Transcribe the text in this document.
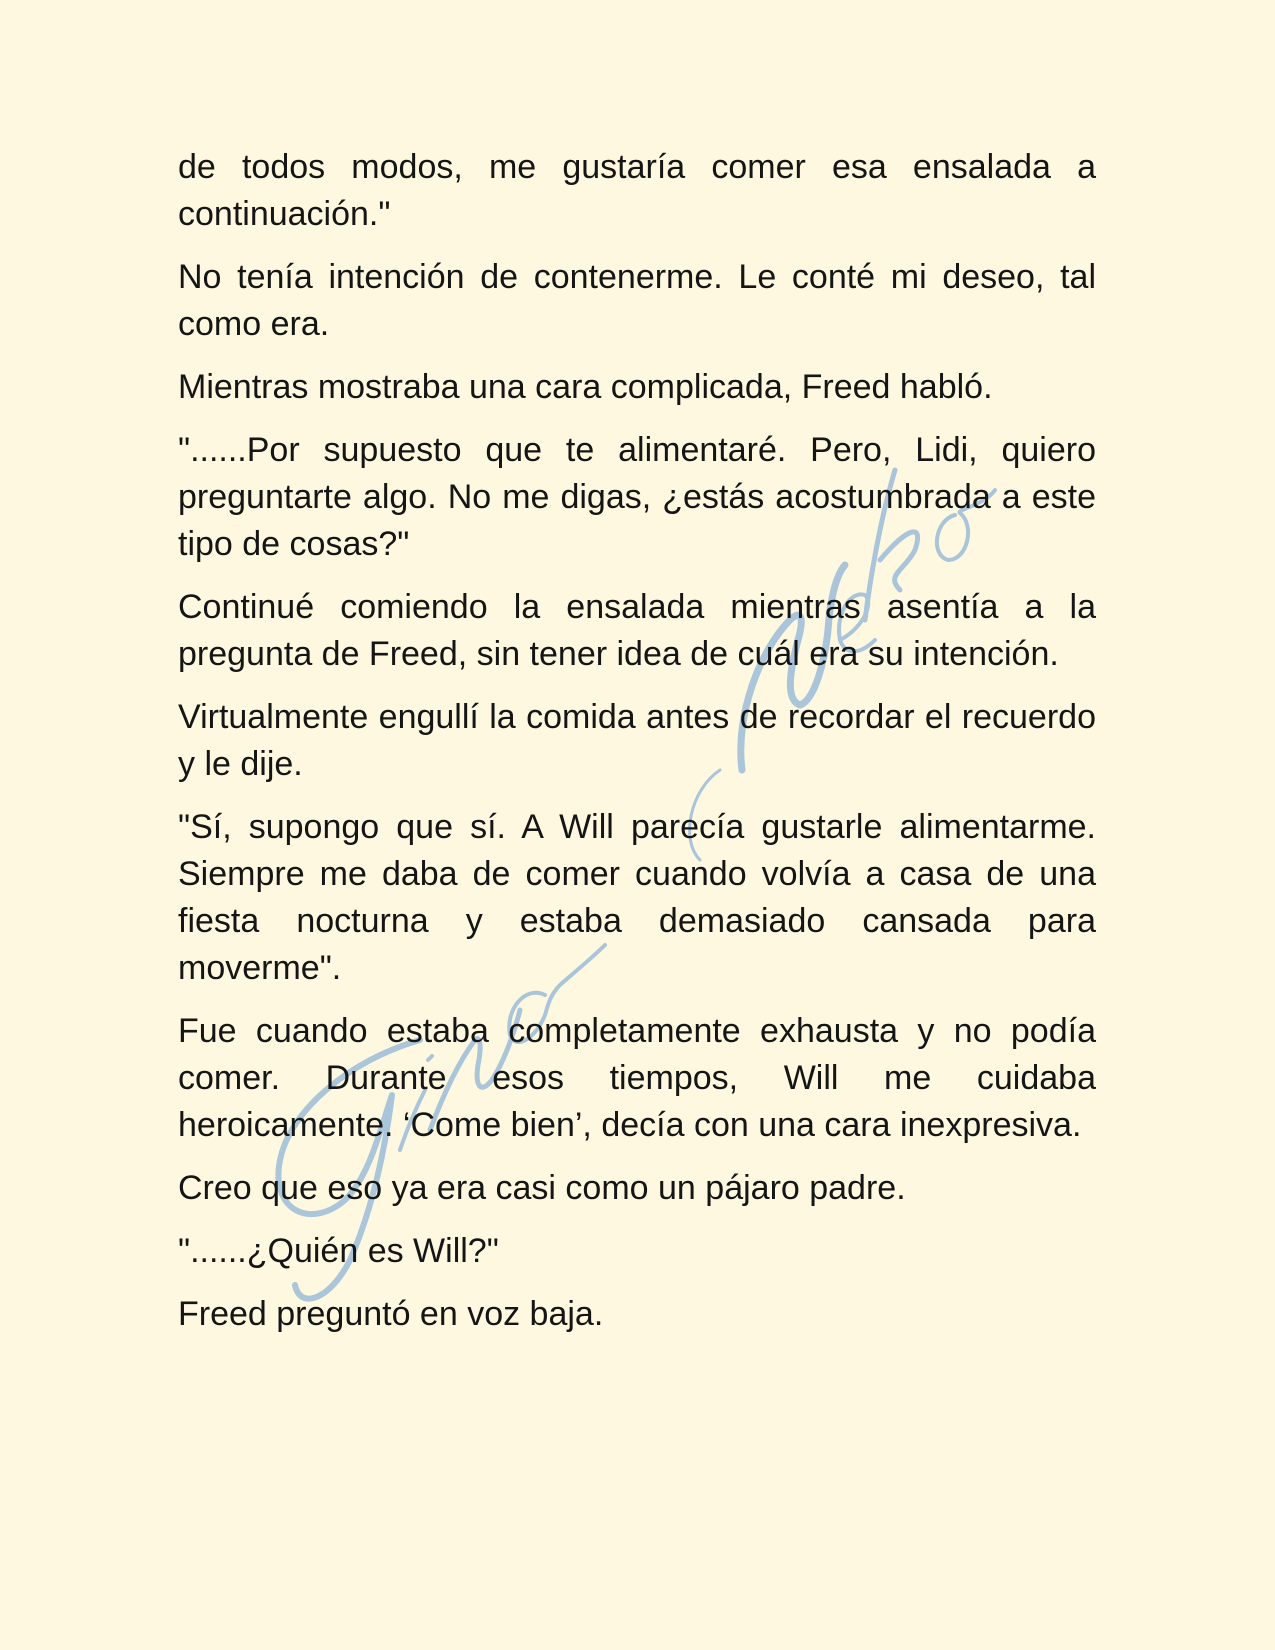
de todos modos, me gustaría comer esa ensalada a continuación."

No tenía intención de contenerme. Le conté mi deseo, tal como era.

Mientras mostraba una cara complicada, Freed habló.

"......Por supuesto que te alimentaré. Pero, Lidi, quiero preguntarte algo. No me digas, ¿estás acostumbrada a este tipo de cosas?"

Continué comiendo la ensalada mientras asentía a la pregunta de Freed, sin tener idea de cuál era su intención.

Virtualmente engullí la comida antes de recordar el recuerdo y le dije.

"Sí, supongo que sí. A Will parecía gustarle alimentarme. Siempre me daba de comer cuando volvía a casa de una fiesta nocturna y estaba demasiado cansada para moverme".

Fue cuando estaba completamente exhausta y no podía comer. Durante esos tiempos, Will me cuidaba heroicamente. ‘Come bien’, decía con una cara inexpresiva.

Creo que eso ya era casi como un pájaro padre.

"......¿Quién es Will?"

Freed preguntó en voz baja.
